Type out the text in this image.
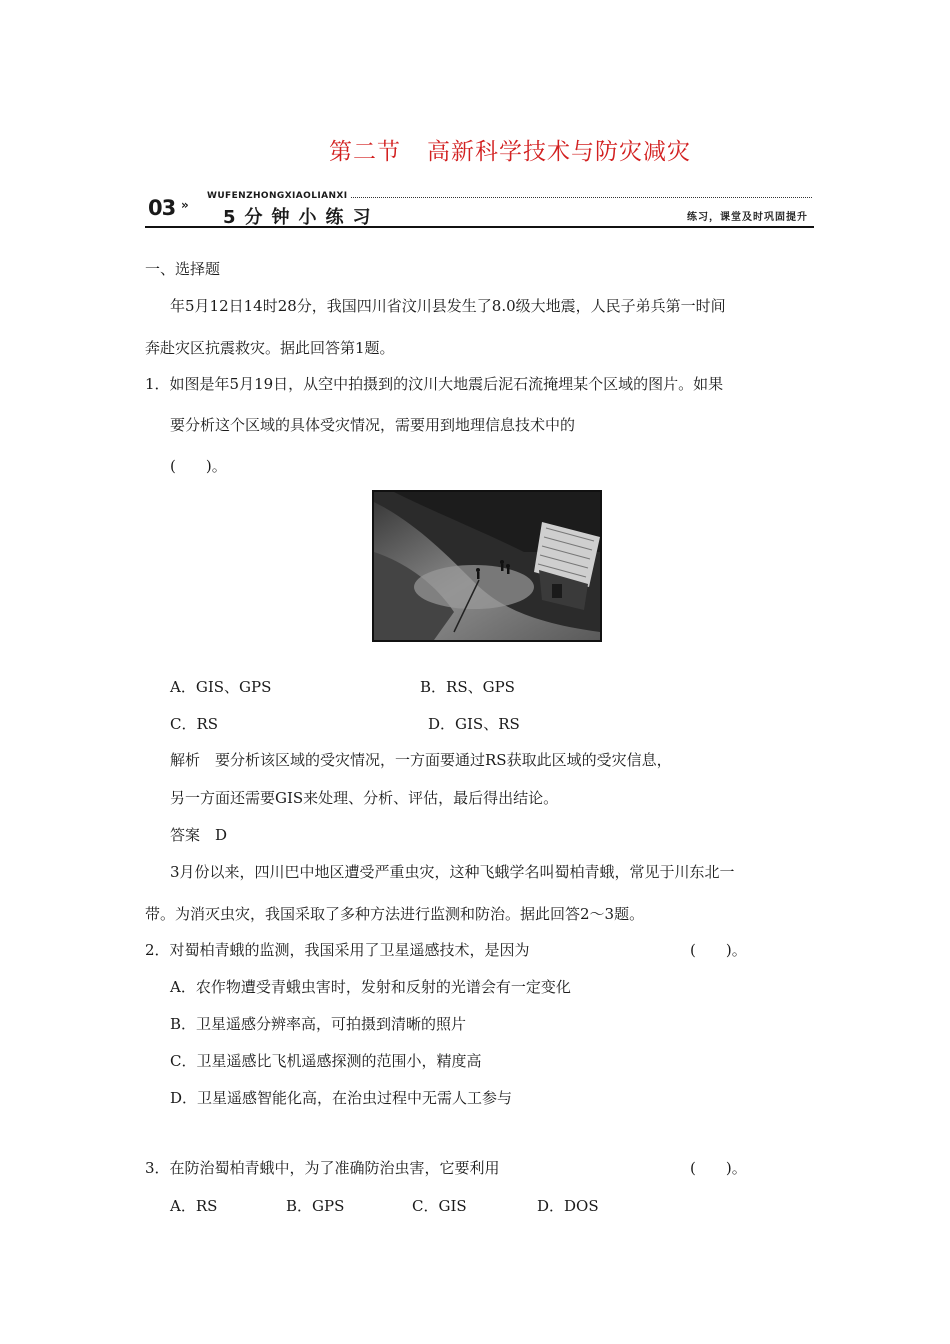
第二节 高新科学技术与防灾减灾
03 »
WUFENZHONGXIAOLIANXI
5分钟小练习	练习，课堂及时巩固提升
一、选择题
年5月12日14时28分，我国四川省汶川县发生了8.0级大地震，人民子弟兵第一时间
奔赴灾区抗震救灾。据此回答第1题。
1．如图是年5月19日，从空中拍摄到的汶川大地震后泥石流掩埋某个区域的图片。如果
要分析这个区域的具体受灾情况，需要用到地理信息技术中的
(　　)。
A．GIS、GPS	B．RS、GPS
C．RS	D．GIS、RS
解析　要分析该区域的受灾情况，一方面要通过RS获取此区域的受灾信息，
另一方面还需要GIS来处理、分析、评估，最后得出结论。
答案　D
3月份以来，四川巴中地区遭受严重虫灾，这种飞蛾学名叫蜀柏青蛾，常见于川东北一
带。为消灭虫灾，我国采取了多种方法进行监测和防治。据此回答2～3题。
2．对蜀柏青蛾的监测，我国采用了卫星遥感技术，是因为	(　　)。
A．农作物遭受青蛾虫害时，发射和反射的光谱会有一定变化
B．卫星遥感分辨率高，可拍摄到清晰的照片
C．卫星遥感比飞机遥感探测的范围小，精度高
D．卫星遥感智能化高，在治虫过程中无需人工参与
3．在防治蜀柏青蛾中，为了准确防治虫害，它要利用	(　　)。
A．RS	B．GPS	C．GIS	D．DOS
